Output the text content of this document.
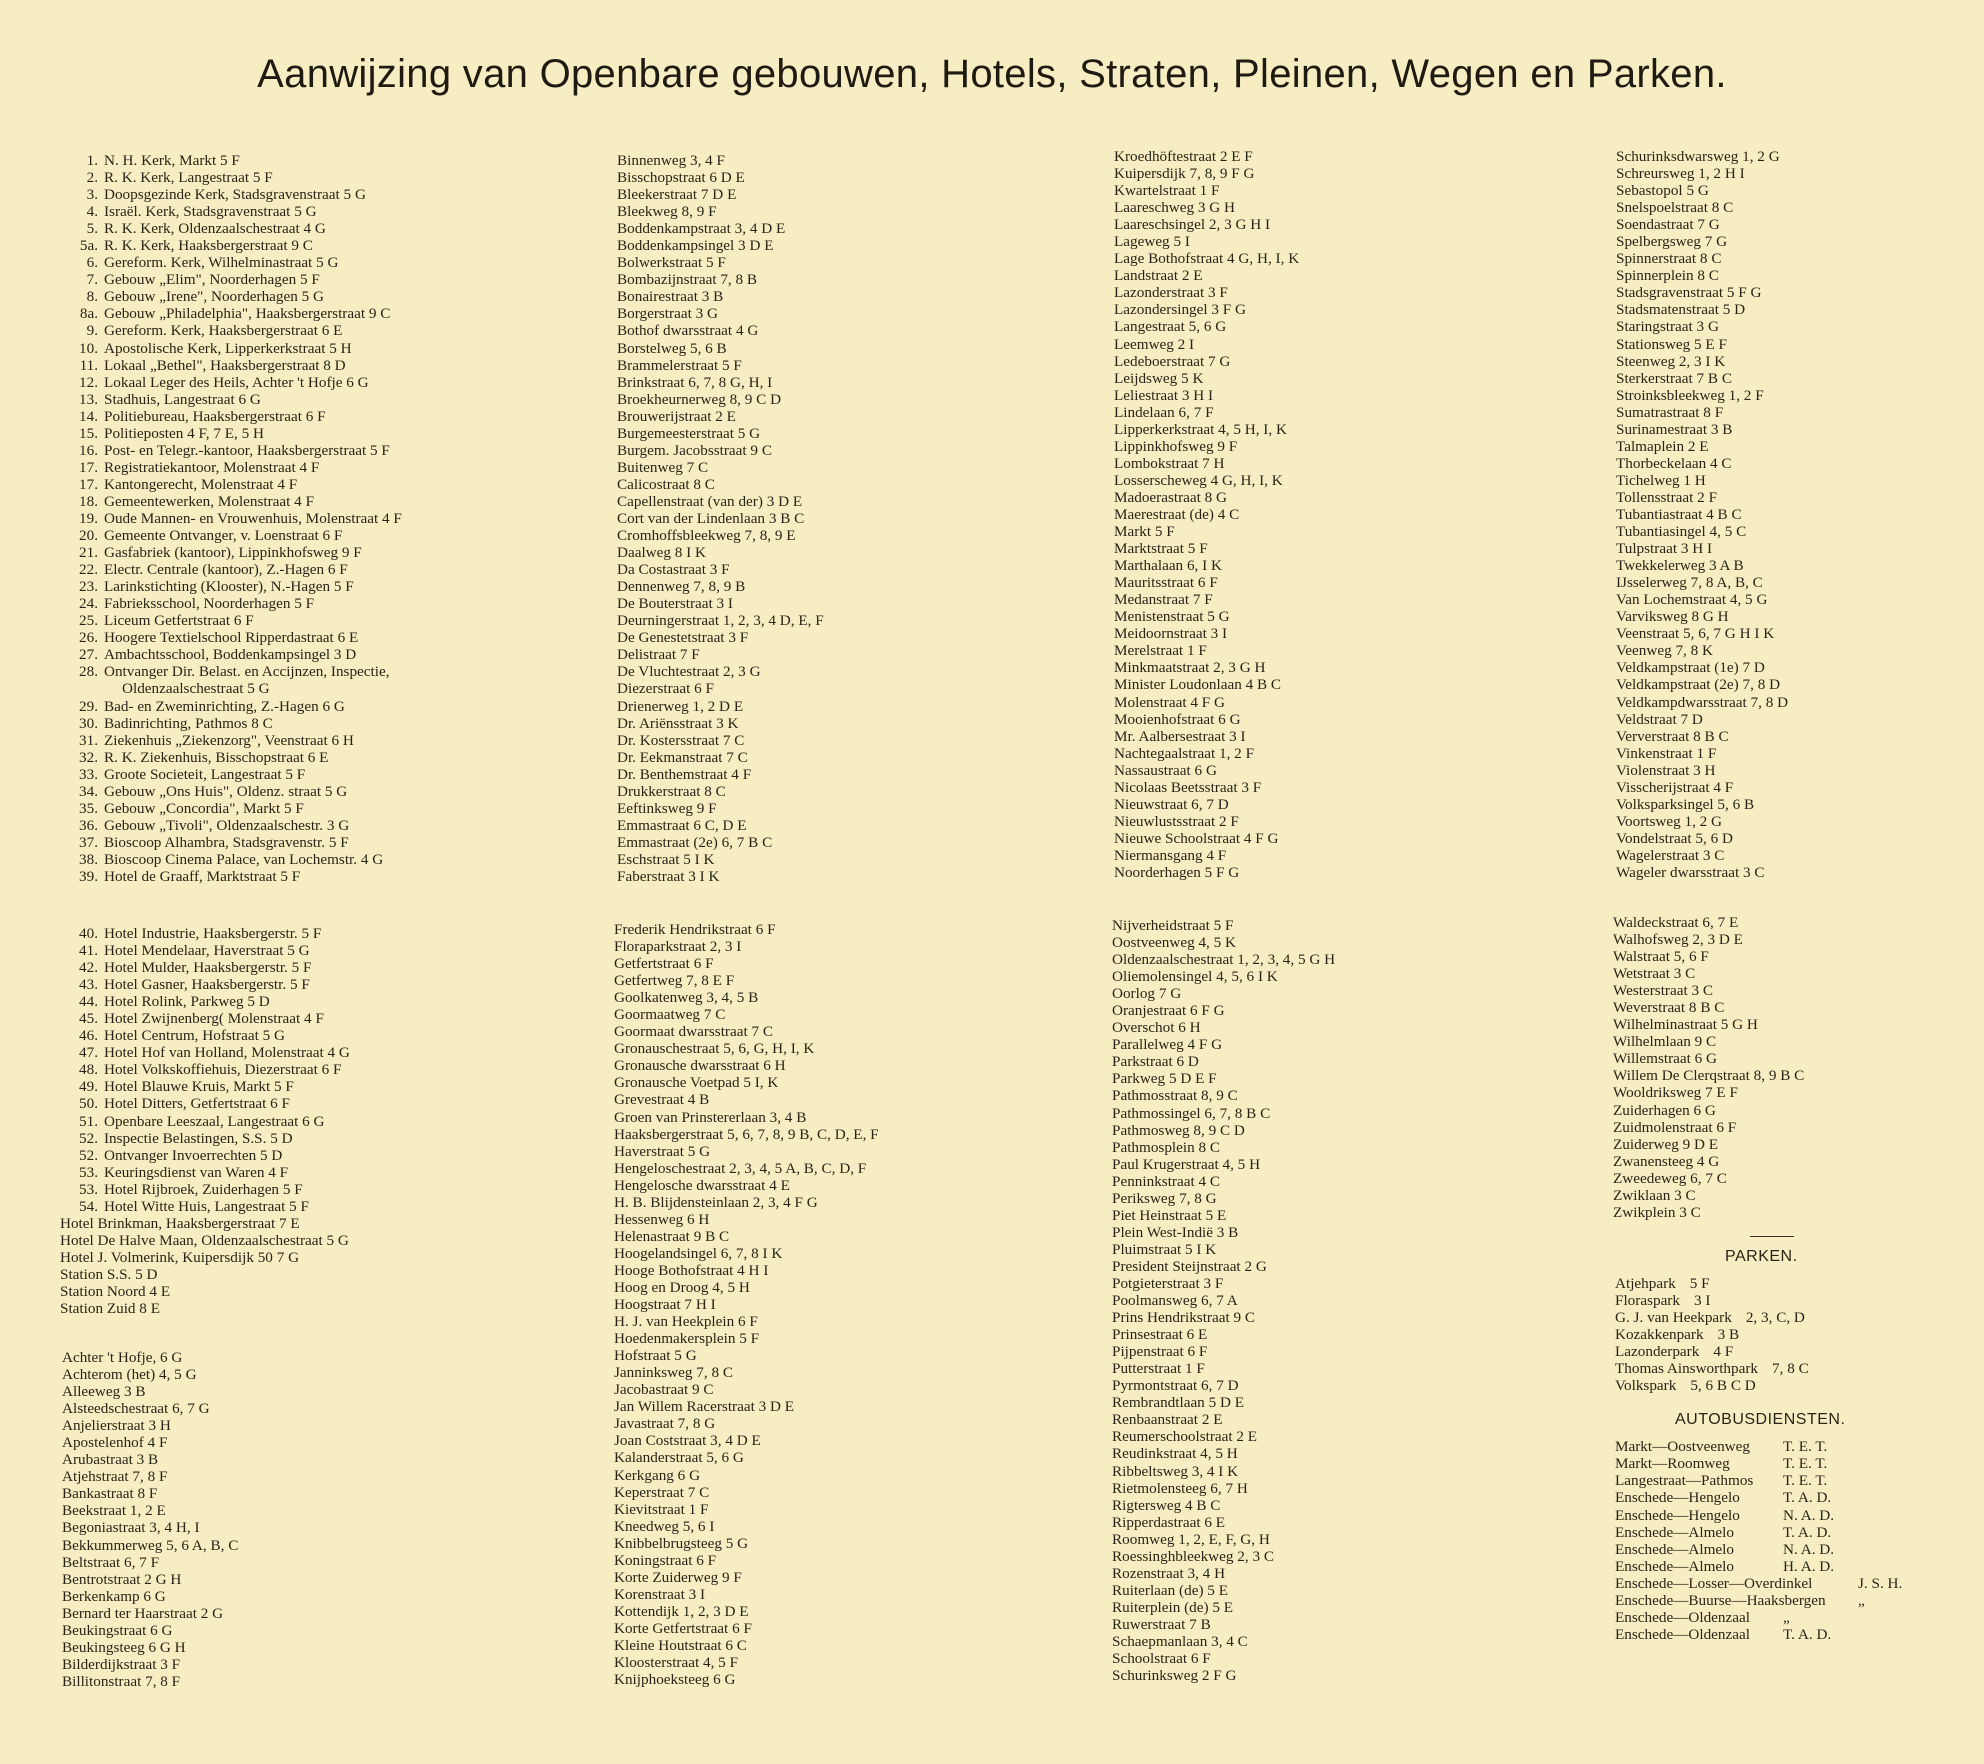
Aanwijzing van Openbare gebouwen, Hotels, Straten, Pleinen, Wegen en Parken.
1. N. H. Kerk, Markt 5 F
2. R. K. Kerk, Langestraat 5 F
3. Doopsgezinde Kerk, Stadsgravenstraat 5 G
4. Israël. Kerk, Stadsgravenstraat 5 G
5. R. K. Kerk, Oldenzaalschestraat 4 G
5a. R. K. Kerk, Haaksbergerstraat 9 C
6. Gereform. Kerk, Wilhelminastraat 5 G
7. Gebouw „Elim", Noorderhagen 5 F
8. Gebouw „Irene", Noorderhagen 5 G
8a. Gebouw „Philadelphia", Haaksbergerstraat 9 C
9. Gereform. Kerk, Haaksbergerstraat 6 E
10. Apostolische Kerk, Lipperkerkstraat 5 H
11. Lokaal „Bethel", Haaksbergerstraat 8 D
12. Lokaal Leger des Heils, Achter 't Hofje 6 G
13. Stadhuis, Langestraat 6 G
14. Politiebureau, Haaksbergerstraat 6 F
15. Politieposten 4 F, 7 E, 5 H
16. Post- en Telegr.-kantoor, Haaksbergerstraat 5 F
17. Registratiekantoor, Molenstraat 4 F
17. Kantongerecht, Molenstraat 4 F
18. Gemeentewerken, Molenstraat 4 F
19. Oude Mannen- en Vrouwenhuis, Molenstraat 4 F
20. Gemeente Ontvanger, v. Loenstraat 6 F
21. Gasfabriek (kantoor), Lippinkhofsweg 9 F
22. Electr. Centrale (kantoor), Z.-Hagen 6 F
23. Larinkstichting (Klooster), N.-Hagen 5 F
24. Fabrieksschool, Noorderhagen 5 F
25. Liceum Getfertstraat 6 F
26. Hoogere Textielschool Ripperdastraat 6 E
27. Ambachtsschool, Boddenkampsingel 3 D
28. Ontvanger Dir. Belast. en Accijnzen, Inspectie,
Oldenzaalschestraat 5 G
29. Bad- en Zweminrichting, Z.-Hagen 6 G
30. Badinrichting, Pathmos 8 C
31. Ziekenhuis „Ziekenzorg", Veenstraat 6 H
32. R. K. Ziekenhuis, Bisschopstraat 6 E
33. Groote Societeit, Langestraat 5 F
34. Gebouw „Ons Huis", Oldenz. straat 5 G
35. Gebouw „Concordia", Markt 5 F
36. Gebouw „Tivoli", Oldenzaalschestr. 3 G
37. Bioscoop Alhambra, Stadsgravenstr. 5 F
38. Bioscoop Cinema Palace, van Lochemstr. 4 G
39. Hotel de Graaff, Marktstraat 5 F
40. Hotel Industrie, Haaksbergerstr. 5 F
41. Hotel Mendelaar, Haverstraat 5 G
42. Hotel Mulder, Haaksbergerstr. 5 F
43. Hotel Gasner, Haaksbergerstr. 5 F
44. Hotel Rolink, Parkweg 5 D
45. Hotel Zwijnenberg( Molenstraat 4 F
46. Hotel Centrum, Hofstraat 5 G
47. Hotel Hof van Holland, Molenstraat 4 G
48. Hotel Volkskoffiehuis, Diezerstraat 6 F
49. Hotel Blauwe Kruis, Markt 5 F
50. Hotel Ditters, Getfertstraat 6 F
51. Openbare Leeszaal, Langestraat 6 G
52. Inspectie Belastingen, S.S. 5 D
52. Ontvanger Invoerrechten 5 D
53. Keuringsdienst van Waren 4 F
53. Hotel Rijbroek, Zuiderhagen 5 F
54. Hotel Witte Huis, Langestraat 5 F
Hotel Brinkman, Haaksbergerstraat 7 E
Hotel De Halve Maan, Oldenzaalschestraat 5 G
Hotel J. Volmerink, Kuipersdijk 50 7 G
Station S.S. 5 D
Station Noord 4 E
Station Zuid 8 E
Achter 't Hofje, 6 G
Achterom (het) 4, 5 G
Alleeweg 3 B
Alsteedschestraat 6, 7 G
Anjelierstraat 3 H
Apostelenhof 4 F
Arubastraat 3 B
Atjehstraat 7, 8 F
Bankastraat 8 F
Beekstraat 1, 2 E
Begoniastraat 3, 4 H, I
Bekkummerweg 5, 6 A, B, C
Beltstraat 6, 7 F
Bentrotstraat 2 G H
Berkenkamp 6 G
Bernard ter Haarstraat 2 G
Beukingstraat 6 G
Beukingsteeg 6 G H
Bilderdijkstraat 3 F
Billitonstraat 7, 8 F
Binnenweg 3, 4 F
Bisschopstraat 6 D E
Bleekerstraat 7 D E
Bleekweg 8, 9 F
Boddenkampstraat 3, 4 D E
Boddenkampsingel 3 D E
Bolwerkstraat 5 F
Bombazijnstraat 7, 8 B
Bonairestraat 3 B
Borgerstraat 3 G
Bothof dwarsstraat 4 G
Borstelweg 5, 6 B
Brammelerstraat 5 F
Brinkstraat 6, 7, 8 G, H, I
Broekheurnerweg 8, 9 C D
Brouwerijstraat 2 E
Burgemeesterstraat 5 G
Burgem. Jacobsstraat 9 C
Buitenweg 7 C
Calicostraat 8 C
Capellenstraat (van der) 3 D E
Cort van der Lindenlaan 3 B C
Cromhoffsbleekweg 7, 8, 9 E
Daalweg 8 I K
Da Costastraat 3 F
Dennenweg 7, 8, 9 B
De Bouterstraat 3 I
Deurningerstraat 1, 2, 3, 4 D, E, F
De Genestetstraat 3 F
Delistraat 7 F
De Vluchtestraat 2, 3 G
Diezerstraat 6 F
Drienerweg 1, 2 D E
Dr. Ariënsstraat 3 K
Dr. Kostersstraat 7 C
Dr. Eekmanstraat 7 C
Dr. Benthemstraat 4 F
Drukkerstraat 8 C
Eeftinksweg 9 F
Emmastraat 6 C, D E
Emmastraat (2e) 6, 7 B C
Eschstraat 5 I K
Faberstraat 3 I K
Frederik Hendrikstraat 6 F
Floraparkstraat 2, 3 I
Getfertstraat 6 F
Getfertweg 7, 8 E F
Goolkatenweg 3, 4, 5 B
Goormaatweg 7 C
Goormaat dwarsstraat 7 C
Gronauschestraat 5, 6, G, H, I, K
Gronausche dwarsstraat 6 H
Gronausche Voetpad 5 I, K
Grevestraat 4 B
Groen van Prinstererlaan 3, 4 B
Haaksbergerstraat 5, 6, 7, 8, 9 B, C, D, E, F
Haverstraat 5 G
Hengeloschestraat 2, 3, 4, 5 A, B, C, D, F
Hengelosche dwarsstraat 4 E
H. B. Blijdensteinlaan 2, 3, 4 F G
Hessenweg 6 H
Helenastraat 9 B C
Hoogelandsingel 6, 7, 8 I K
Hooge Bothofstraat 4 H I
Hoog en Droog 4, 5 H
Hoogstraat 7 H I
H. J. van Heekplein 6 F
Hoedenmakersplein 5 F
Hofstraat 5 G
Janninksweg 7, 8 C
Jacobastraat 9 C
Jan Willem Racerstraat 3 D E
Javastraat 7, 8 G
Joan Coststraat 3, 4 D E
Kalanderstraat 5, 6 G
Kerkgang 6 G
Keperstraat 7 C
Kievitstraat 1 F
Kneedweg 5, 6 I
Knibbelbrugsteeg 5 G
Koningstraat 6 F
Korte Zuiderweg 9 F
Korenstraat 3 I
Kottendijk 1, 2, 3 D E
Korte Getfertstraat 6 F
Kleine Houtstraat 6 C
Kloosterstraat 4, 5 F
Knijphoeksteeg 6 G
Kroedhöftestraat 2 E F
Kuipersdijk 7, 8, 9 F G
Kwartelstraat 1 F
Laareschweg 3 G H
Laareschsingel 2, 3 G H I
Lageweg 5 I
Lage Bothofstraat 4 G, H, I, K
Landstraat 2 E
Lazonderstraat 3 F
Lazondersingel 3 F G
Langestraat 5, 6 G
Leemweg 2 I
Ledeboerstraat 7 G
Leijdsweg 5 K
Leliestraat 3 H I
Lindelaan 6, 7 F
Lipperkerkstraat 4, 5 H, I, K
Lippinkhofsweg 9 F
Lombokstraat 7 H
Losserscheweg 4 G, H, I, K
Madoerastraat 8 G
Maerestraat (de) 4 C
Markt 5 F
Marktstraat 5 F
Marthalaan 6, I K
Mauritsstraat 6 F
Medanstraat 7 F
Menistenstraat 5 G
Meidoornstraat 3 I
Merelstraat 1 F
Minkmaatstraat 2, 3 G H
Minister Loudonlaan 4 B C
Molenstraat 4 F G
Mooienhofstraat 6 G
Mr. Aalbersestraat 3 I
Nachtegaalstraat 1, 2 F
Nassaustraat 6 G
Nicolaas Beetsstraat 3 F
Nieuwstraat 6, 7 D
Nieuwlustsstraat 2 F
Nieuwe Schoolstraat 4 F G
Niermansgang 4 F
Noorderhagen 5 F G
Nijverheidstraat 5 F
Oostveenweg 4, 5 K
Oldenzaalschestraat 1, 2, 3, 4, 5 G H
Oliemolensingel 4, 5, 6 I K
Oorlog 7 G
Oranjestraat 6 F G
Overschot 6 H
Parallelweg 4 F G
Parkstraat 6 D
Parkweg 5 D E F
Pathmosstraat 8, 9 C
Pathmossingel 6, 7, 8 B C
Pathmosweg 8, 9 C D
Pathmosplein 8 C
Paul Krugerstraat 4, 5 H
Penninkstraat 4 C
Periksweg 7, 8 G
Piet Heinstraat 5 E
Plein West-Indië 3 B
Pluimstraat 5 I K
President Steijnstraat 2 G
Potgieterstraat 3 F
Poolmansweg 6, 7 A
Prins Hendrikstraat 9 C
Prinsestraat 6 E
Pijpenstraat 6 F
Putterstraat 1 F
Pyrmontstraat 6, 7 D
Rembrandtlaan 5 D E
Renbaanstraat 2 E
Reumerschoolstraat 2 E
Reudinkstraat 4, 5 H
Ribbeltsweg 3, 4 I K
Rietmolensteeg 6, 7 H
Rigtersweg 4 B C
Ripperdastraat 6 E
Roomweg 1, 2, E, F, G, H
Roessinghbleekweg 2, 3 C
Rozenstraat 3, 4 H
Ruiterlaan (de) 5 E
Ruiterplein (de) 5 E
Ruwerstraat 7 B
Schaepmanlaan 3, 4 C
Schoolstraat 6 F
Schurinksweg 2 F G
Schurinksdwarsweg 1, 2 G
Schreursweg 1, 2 H I
Sebastopol 5 G
Snelspoelstraat 8 C
Soendastraat 7 G
Spelbergsweg 7 G
Spinnerstraat 8 C
Spinnerplein 8 C
Stadsgravenstraat 5 F G
Stadsmatenstraat 5 D
Staringstraat 3 G
Stationsweg 5 E F
Steenweg 2, 3 I K
Sterkerstraat 7 B C
Stroinksbleekweg 1, 2 F
Sumatrastraat 8 F
Surinamestraat 3 B
Talmaplein 2 E
Thorbeckelaan 4 C
Tichelweg 1 H
Tollensstraat 2 F
Tubantiastraat 4 B C
Tubantiasingel 4, 5 C
Tulpstraat 3 H I
Twekkelerweg 3 A B
IJsselerweg 7, 8 A, B, C
Van Lochemstraat 4, 5 G
Varviksweg 8 G H
Veenstraat 5, 6, 7 G H I K
Veenweg 7, 8 K
Veldkampstraat (1e) 7 D
Veldkampstraat (2e) 7, 8 D
Veldkampdwarsstraat 7, 8 D
Veldstraat 7 D
Ververstraat 8 B C
Vinkenstraat 1 F
Violenstraat 3 H
Visscherijstraat 4 F
Volksparksingel 5, 6 B
Voortsweg 1, 2 G
Vondelstraat 5, 6 D
Wagelerstraat 3 C
Wageler dwarsstraat 3 C
Waldeckstraat 6, 7 E
Walhofsweg 2, 3 D E
Walstraat 5, 6 F
Wetstraat 3 C
Westerstraat 3 C
Weverstraat 8 B C
Wilhelminastraat 5 G H
Wilhelmlaan 9 C
Willemstraat 6 G
Willem De Clerqstraat 8, 9 B C
Wooldriksweg 7 E F
Zuiderhagen 6 G
Zuidmolenstraat 6 F
Zuiderweg 9 D E
Zwanensteeg 4 G
Zweedeweg 6, 7 C
Zwiklaan 3 C
Zwikplein 3 C
PARKEN.
Atjehpark 5 F
Floraspark 3 I
G. J. van Heekpark 2, 3, C, D
Kozakkenpark 3 B
Lazonderpark 4 F
Thomas Ainsworthpark 7, 8 C
Volkspark 5, 6 B C D
AUTOBUSDIENSTEN.
Markt—Oostveenweg	T. E. T.
Markt—Roomweg	T. E. T.
Langestraat—Pathmos	T. E. T.
Enschede—Hengelo	T. A. D.
Enschede—Hengelo	N. A. D.
Enschede—Almelo	T. A. D.
Enschede—Almelo	N. A. D.
Enschede—Almelo	H. A. D.
Enschede—Losser—Overdinkel	J. S. H.
Enschede—Buurse—Haaksbergen	„
Enschede—Oldenzaal	„
Enschede—Oldenzaal	T. A. D.
